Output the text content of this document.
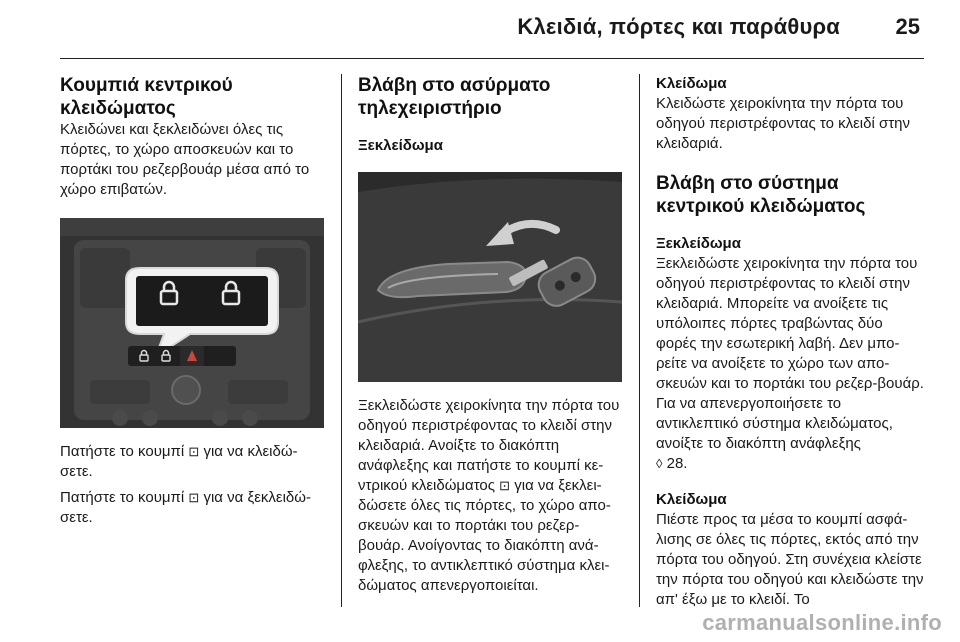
Κλειδιά, πόρτες και παράθυρα	25
Κουμπιά κεντρικού κλειδώματος

Κλειδώνει και ξεκλειδώνει όλες τις πόρτες, το χώρο αποσκευών και το πορτάκι του ρεζερβουάρ μέσα από το χώρο επιβατών.

Πατήστε το κουμπί ⊡ για να κλειδώ-σετε.

Πατήστε το κουμπί ⊡ για να ξεκλειδώ-σετε.

Βλάβη στο ασύρματο τηλεχειριστήριο
Ξεκλείδωμα

Ξεκλειδώστε χειροκίνητα την πόρτα του οδηγού περιστρέφοντας το κλειδί στην κλειδαριά. Ανοίξτε το διακόπτη ανάφλεξης και πατήστε το κουμπί κε-ντρικού κλειδώματος ⊡ για να ξεκλει-δώσετε όλες τις πόρτες, το χώρο απο-σκευών και το πορτάκι του ρεζερ-βουάρ. Ανοίγοντας το διακόπτη ανά-φλεξης, το αντικλεπτικό σύστημα κλει-δώματος απενεργοποιείται.

Κλείδωμα

Κλειδώστε χειροκίνητα την πόρτα του οδηγού περιστρέφοντας το κλειδί στην κλειδαριά.

Βλάβη στο σύστημα κεντρικού κλειδώματος
Ξεκλείδωμα

Ξεκλειδώστε χειροκίνητα την πόρτα του οδηγού περιστρέφοντας το κλειδί στην κλειδαριά. Μπορείτε να ανοίξετε τις υπόλοιπες πόρτες τραβώντας δύο φορές την εσωτερική λαβή. Δεν μπο-ρείτε να ανοίξετε το χώρο των απο-σκευών και το πορτάκι του ρεζερ-βουάρ. Για να απενεργοποιήσετε το αντικλεπτικό σύστημα κλειδώματος, ανοίξτε το διακόπτη ανάφλεξης
◊ 28.

Κλείδωμα

Πιέστε προς τα μέσα το κουμπί ασφά-λισης σε όλες τις πόρτες, εκτός από την πόρτα του οδηγού. Στη συνέχεια κλείστε την πόρτα του οδηγού και κλειδώστε την απ' έξω με το κλειδί. Το

carmanualsonline.info
